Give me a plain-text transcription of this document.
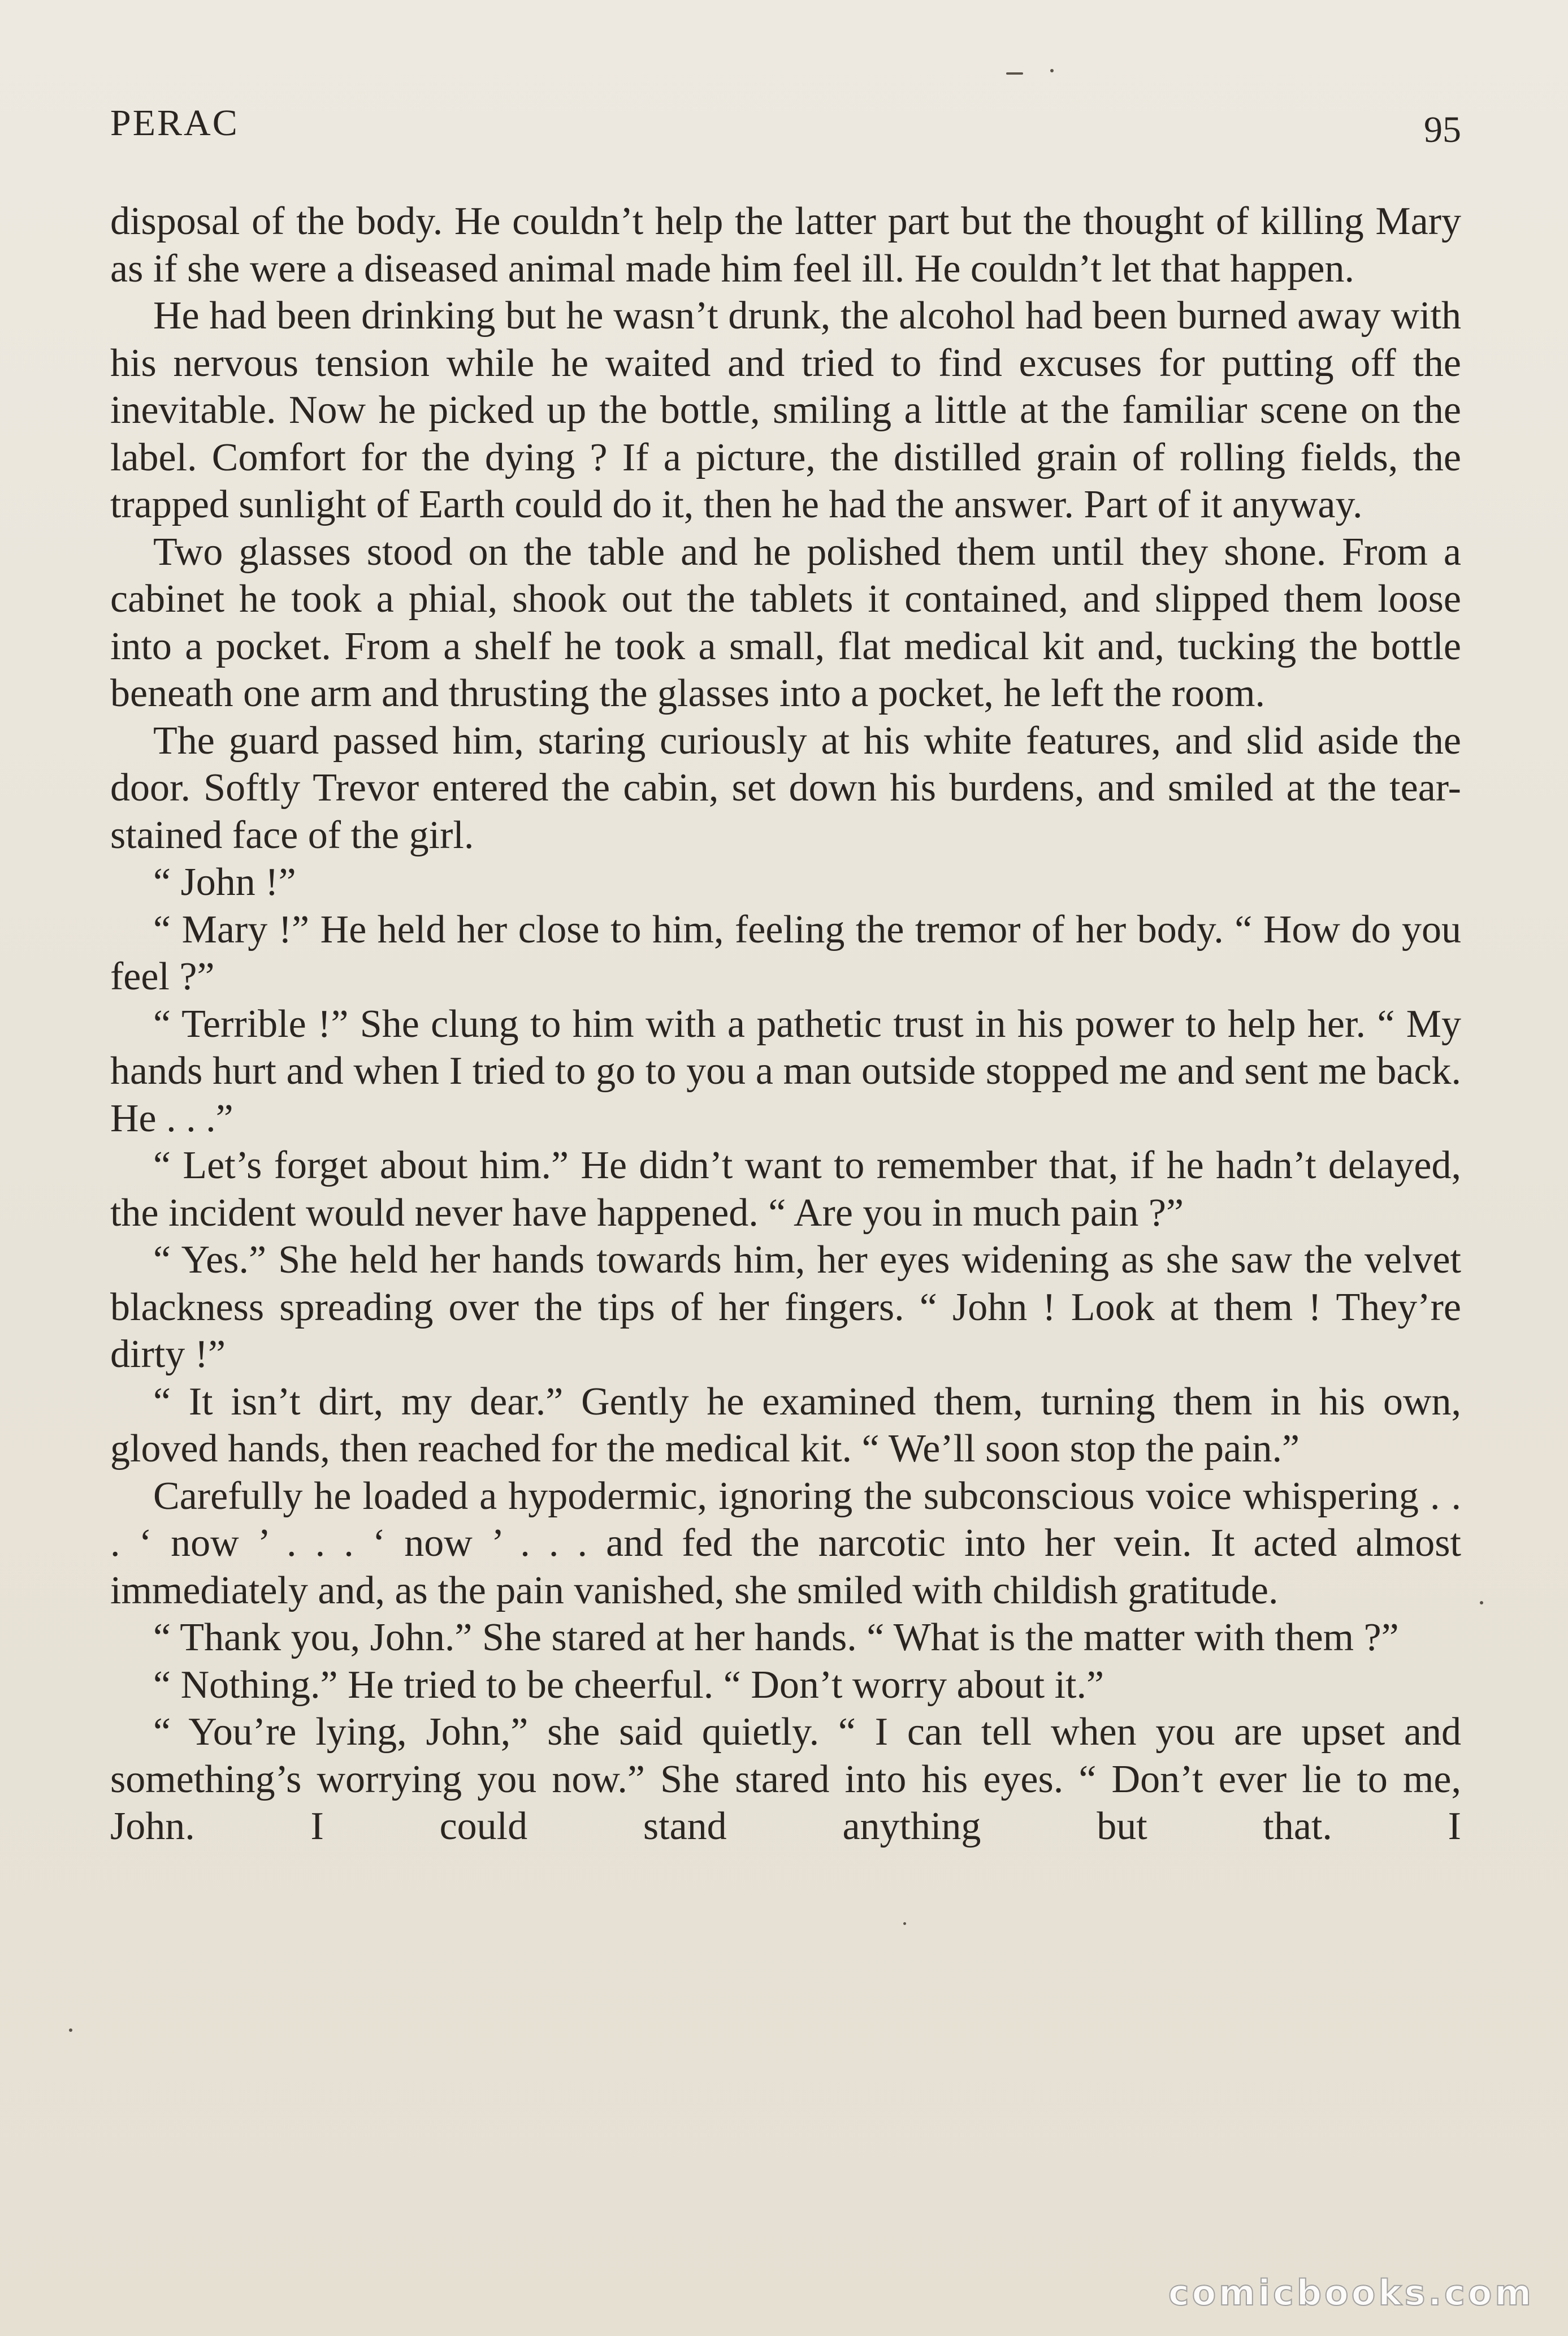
PERAC	95

disposal of the body. He couldn’t help the latter part but the thought of killing Mary as if she were a diseased animal made him feel ill. He couldn’t let that happen.

He had been drinking but he wasn’t drunk, the alcohol had been burned away with his nervous tension while he waited and tried to find excuses for putting off the inevitable. Now he picked up the bottle, smiling a little at the familiar scene on the label. Comfort for the dying ? If a picture, the distilled grain of rolling fields, the trapped sunlight of Earth could do it, then he had the answer. Part of it anyway.

Two glasses stood on the table and he polished them until they shone. From a cabinet he took a phial, shook out the tablets it contained, and slipped them loose into a pocket. From a shelf he took a small, flat medical kit and, tucking the bottle beneath one arm and thrusting the glasses into a pocket, he left the room.

The guard passed him, staring curiously at his white features, and slid aside the door. Softly Trevor entered the cabin, set down his burdens, and smiled at the tear-stained face of the girl.

“ John !”

“ Mary !” He held her close to him, feeling the tremor of her body. “ How do you feel ?”

“ Terrible !” She clung to him with a pathetic trust in his power to help her. “ My hands hurt and when I tried to go to you a man outside stopped me and sent me back. He . . .”

“ Let’s forget about him.” He didn’t want to remember that, if he hadn’t delayed, the incident would never have happened. “ Are you in much pain ?”

“ Yes.” She held her hands towards him, her eyes widening as she saw the velvet blackness spreading over the tips of her fingers. “ John ! Look at them ! They’re dirty !”

“ It isn’t dirt, my dear.” Gently he examined them, turning them in his own, gloved hands, then reached for the medical kit. “ We’ll soon stop the pain.”

Carefully he loaded a hypodermic, ignoring the subconscious voice whispering . . . ‘ now ’ . . . ‘ now ’ . . . and fed the narcotic into her vein. It acted almost immediately and, as the pain vanished, she smiled with childish gratitude.

“ Thank you, John.” She stared at her hands. “ What is the matter with them ?”

“ Nothing.” He tried to be cheerful. “ Don’t worry about it.”

“ You’re lying, John,” she said quietly. “ I can tell when you are upset and something’s worrying you now.” She stared into his eyes. “ Don’t ever lie to me, John. I could stand anything but that. I

comicbooks.com
